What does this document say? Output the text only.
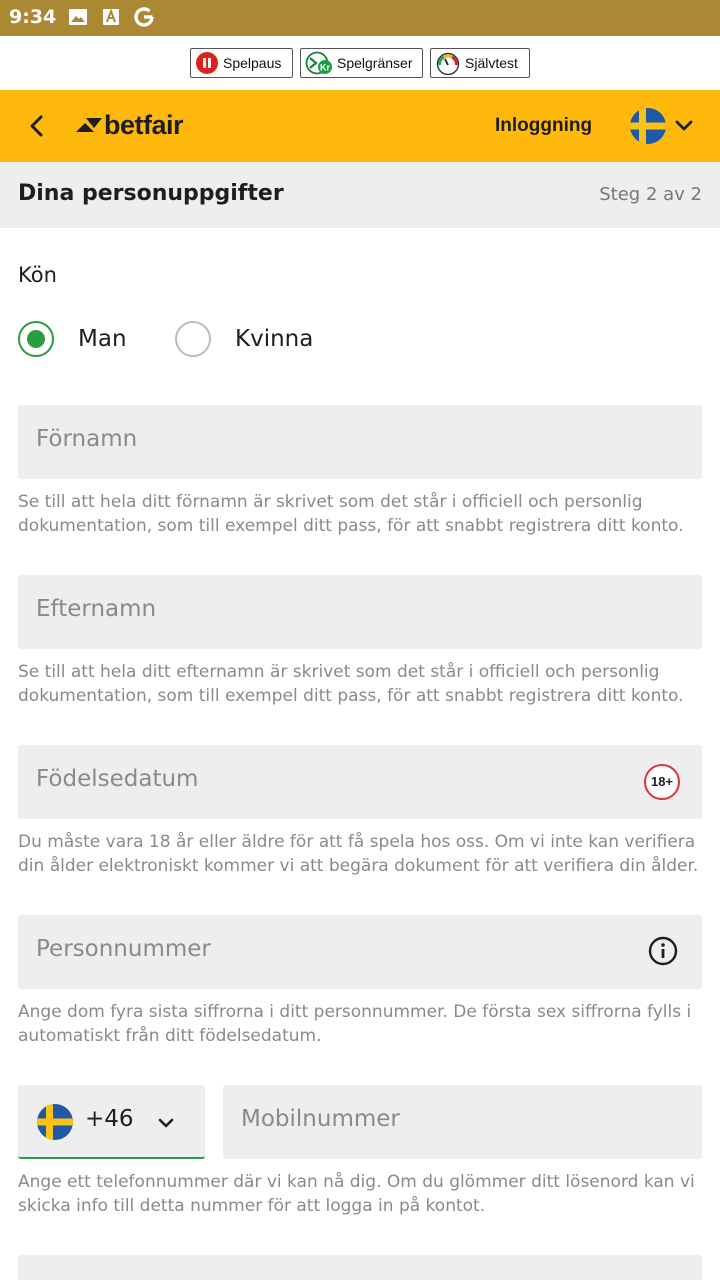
9:34
Spelpaus	Kr Spelgränser	Självtest
betfair	Inloggning
Dina personuppgifter	Steg 2 av 2
Kön
Man	Kvinna
Förnamn

Se till att hela ditt förnamn är skrivet som det står i officiell och personlig dokumentation, som till exempel ditt pass, för att snabbt registrera ditt konto.

Efternamn

Se till att hela ditt efternamn är skrivet som det står i officiell och personlig dokumentation, som till exempel ditt pass, för att snabbt registrera ditt konto.

Födelsedatum	18+

Du måste vara 18 år eller äldre för att få spela hos oss. Om vi inte kan verifiera din ålder elektroniskt kommer vi att begära dokument för att verifiera din ålder.

Personnummer

Ange dom fyra sista siffrorna i ditt personnummer. De första sex siffrorna fylls i automatiskt från ditt födelsedatum.

+46	Mobilnummer

Ange ett telefonnummer där vi kan nå dig. Om du glömmer ditt lösenord kan vi skicka info till detta nummer för att logga in på kontot.
